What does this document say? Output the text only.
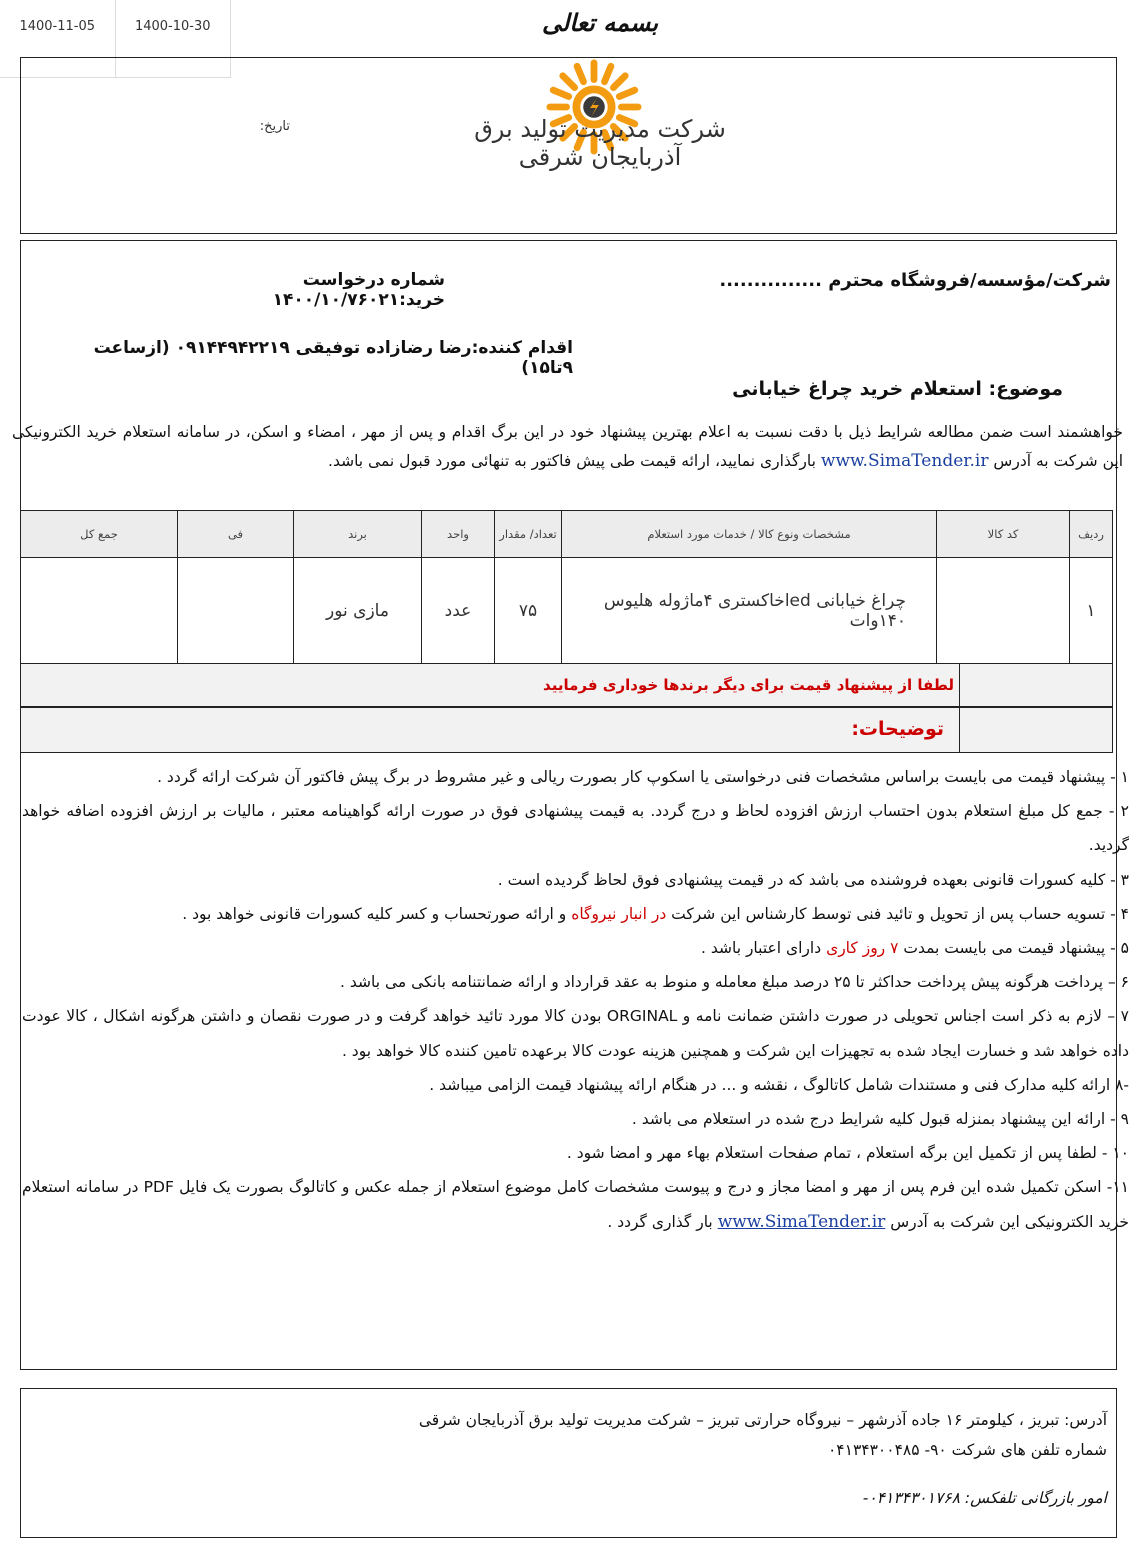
1400-11-05	1400-10-30	بسمه تعالی
شرکت مدیریت تولید برق
آذربایجان شرقی
تاریخ:
شرکت/مؤسسه/فروشگاه محترم ...............
شماره درخواست خرید:۱۴۰۰/۱۰/۷۶۰۲۱
اقدام کننده:رضا رضازاده توفیقی ۰۹۱۴۴۹۴۲۲۱۹ (ازساعت ۹تا۱۵)
موضوع: استعلام خرید چراغ خیابانی
خواهشمند است ضمن مطالعه شرایط ذیل با دقت نسبت به اعلام بهترین پیشنهاد خود در این برگ اقدام و پس از مهر ، امضاء و اسکن، در سامانه استعلام خرید الکترونیکی این شرکت به آدرس www.SimaTender.ir بارگذاری نمایید، ارائه قیمت طی پیش فاکتور به تنهائی مورد قبول نمی باشد.
ردیف	کد کالا	مشخصات ونوع کالا / خدمات مورد استعلام	تعداد/ مقدار	واحد	برند	فی	جمع کل
۱		چراغ خیابانی ledخاکستری ۴ماژوله هلیوس ۱۴۰وات	۷۵	عدد	مازی نور		
لطفا از پیشنهاد قیمت برای دیگر برندها خوداری فرمایید
توضیحات:

۱ - پیشنهاد قیمت می بایست براساس مشخصات فنی درخواستی یا اسکوپ کار بصورت ریالی و غیر مشروط در برگ پیش فاکتور آن شرکت ارائه گردد .

۲ - جمع کل مبلغ استعلام بدون احتساب ارزش افزوده لحاظ و درج گردد. به قیمت پیشنهادی فوق در صورت ارائه گواهینامه معتبر ، مالیات بر ارزش افزوده اضافه خواهد گردید.

۳ - کلیه کسورات قانونی بعهده فروشنده می باشد که در قیمت پیشنهادی فوق لحاظ گردیده است .

۴ - تسویه حساب پس از تحویل و تائید فنی توسط کارشناس این شرکت در انبار نیروگاه و ارائه صورتحساب و کسر کلیه کسورات قانونی خواهد بود .

۵ - پیشنهاد قیمت می بایست بمدت ۷ روز کاری دارای اعتبار باشد .

۶ – پرداخت هرگونه پیش پرداخت حداکثر تا ۲۵ درصد مبلغ معامله و منوط به عقد قرارداد و ارائه ضمانتنامه بانکی می باشد .

۷ – لازم به ذکر است اجناس تحویلی در صورت داشتن ضمانت نامه و ORGINAL بودن کالا مورد تائید خواهد گرفت و در صورت نقصان و داشتن هرگونه اشکال ، کالا عودت داده خواهد شد و خسارت ایجاد شده به تجهیزات این شرکت و همچنین هزینه عودت کالا برعهده تامین کننده کالا خواهد بود .

-۸ ارائه کلیه مدارک فنی و مستندات شامل کاتالوگ ، نقشه و ... در هنگام ارائه پیشنهاد قیمت الزامی میباشد .

۹ - ارائه این پیشنهاد بمنزله قبول کلیه شرایط درج شده در استعلام می باشد .

۱۰ - لطفا پس از تکمیل این برگه استعلام ، تمام صفحات استعلام بهاء مهر و امضا شود .

۱۱- اسکن تکمیل شده این فرم پس از مهر و امضا مجاز و درج و پیوست مشخصات کامل موضوع استعلام از جمله عکس و کاتالوگ بصورت یک فایل PDF در سامانه استعلام خرید الکترونیکی این شرکت به آدرس www.SimaTender.ir بار گذاری گردد .

آدرس: تبریز ، کیلومتر ۱۶ جاده آذرشهر – نیروگاه حرارتی تبریز – شرکت مدیریت تولید برق آذربایجان شرقی

شماره تلفن های شرکت ۹۰- ۰۴۱۳۴۳۰۰۴۸۵

امور بازرگانی تلفکس: ۰۴۱۳۴۳۰۱۷۶۸-
